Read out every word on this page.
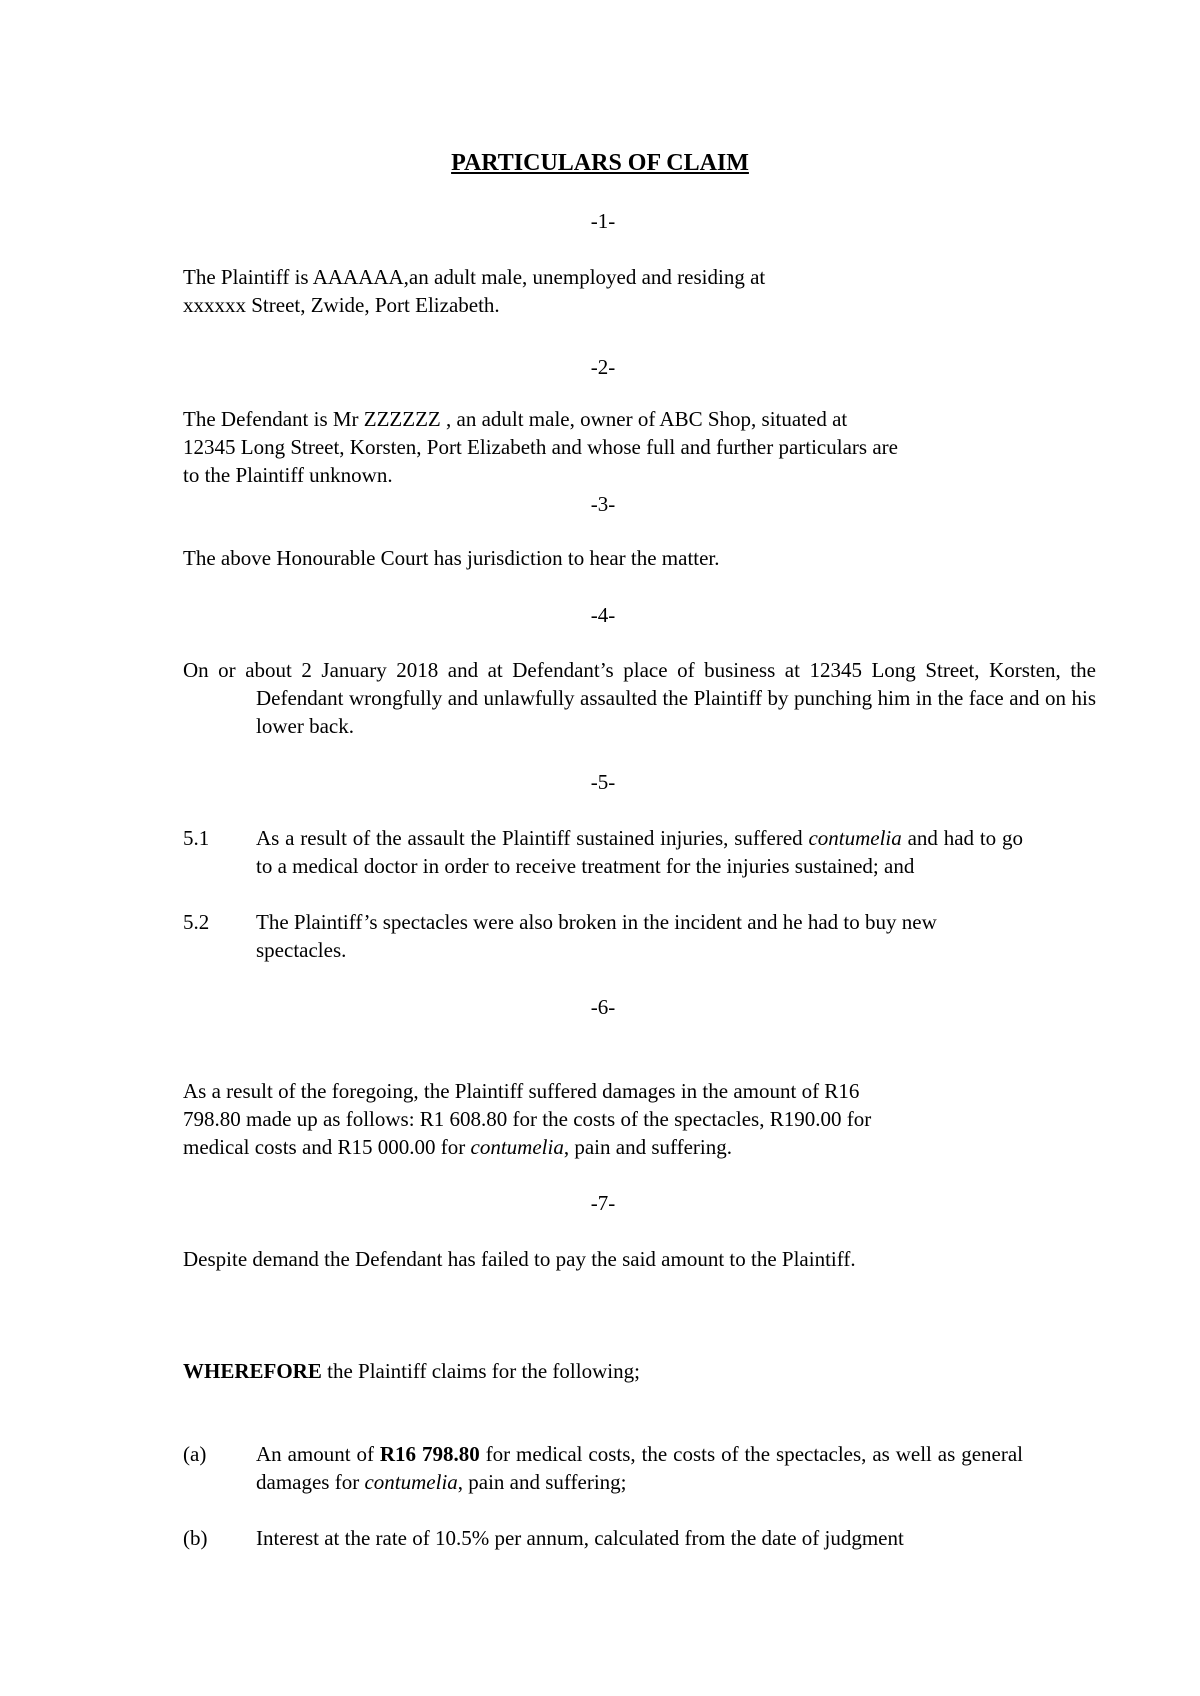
PARTICULARS OF CLAIM
-1-
The Plaintiff is AAAAAA,an adult male, unemployed and residing at
xxxxxx Street, Zwide, Port Elizabeth.
-2-
The Defendant is Mr ZZZZZZ , an adult male, owner of ABC Shop, situated at
12345 Long Street, Korsten, Port Elizabeth and whose full and further particulars are
to the Plaintiff unknown.
-3-
The above Honourable Court has jurisdiction to hear the matter.
-4-
On or about 2 January 2018 and at Defendant’s place of business at 12345 Long Street, Korsten, the Defendant wrongfully and unlawfully assaulted the Plaintiff by punching him in the face and on his lower back.
-5-
5.1	As a result of the assault the Plaintiff sustained injuries, suffered contumelia and had to go to a medical doctor in order to receive treatment for the injuries sustained; and
5.2	The Plaintiff’s spectacles were also broken in the incident and he had to buy new spectacles.
-6-
As a result of the foregoing, the Plaintiff suffered damages in the amount of R16
798.80 made up as follows: R1 608.80 for the costs of the spectacles, R190.00 for
medical costs and R15 000.00 for contumelia, pain and suffering.
-7-
Despite demand the Defendant has failed to pay the said amount to the Plaintiff.
WHEREFORE the Plaintiff claims for the following;
(a)	An amount of R16 798.80 for medical costs, the costs of the spectacles, as well as general damages for contumelia, pain and suffering;
(b)	Interest at the rate of 10.5% per annum, calculated from the date of judgment
